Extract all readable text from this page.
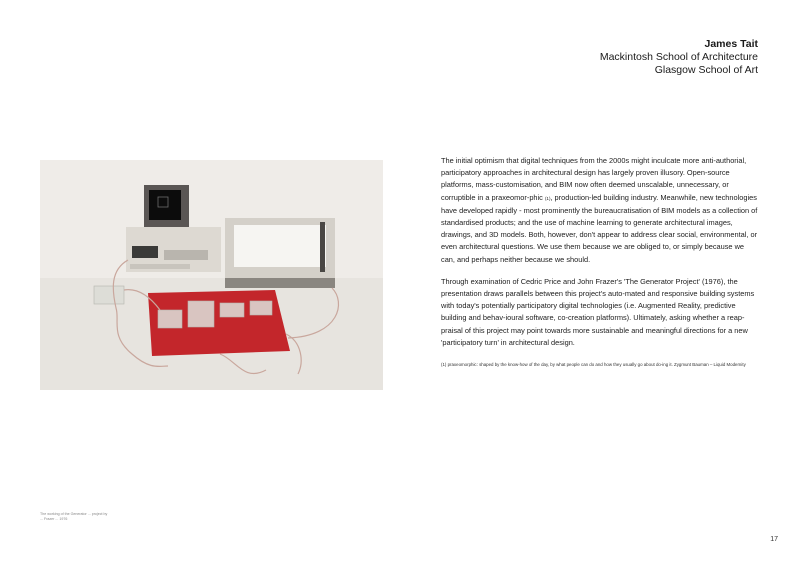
James Tait
Mackintosh School of Architecture
Glasgow School of Art
The working of the Generator ... project by ... Frazer ... 1976

The initial optimism that digital techniques from the 2000s might inculcate more anti-authorial, participatory approaches in architectural design has largely proven illusory. Open-source platforms, mass-customisation, and BIM now often deemed unscalable, unnecessary, or corruptible in a praxeomor-phic (1), production-led building industry. Meanwhile, new technologies have developed rapidly - most prominently the bureaucratisation of BIM models as a collection of standardised products; and the use of machine learning to generate architectural images, drawings, and 3D models. Both, however, don't appear to address clear social, environmental, or even architectural questions. We use them because we are obliged to, or simply because we can, and perhaps neither because we should.

Through examination of Cedric Price and John Frazer's 'The Generator Project' (1976), the presentation draws parallels between this project's auto-mated and responsive building systems with today's potentially participatory digital technologies (i.e. Augmented Reality, predictive building and behav-ioural software, co-creation platforms). Ultimately, asking whether a reap-praisal of this project may point towards more sustainable and meaningful directions for a new 'participatory turn' in architectural design.

(1) praxeomorphic: shaped by the know-how of the day, by what people can do and how they usually go about do-ing it. Zygmunt Bauman – Liquid Modernity
17
